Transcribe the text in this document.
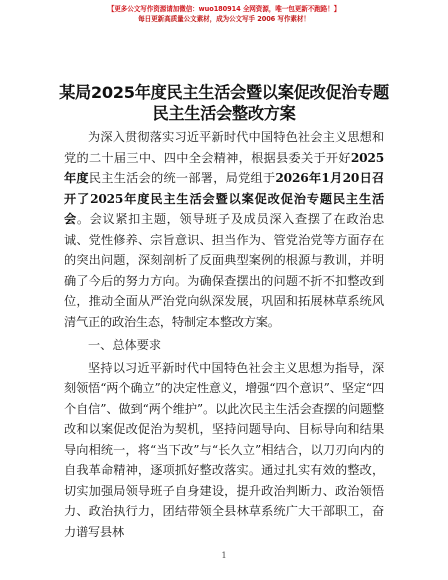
【更多公文写作资源请加微信：wuo180914 全网资源，唯一包更新不跑路！】
每日更新高质量公文素材，成为公文写手 2006 写作素材！
某局2025年度民主生活会暨以案促改促治专题
民主生活会整改方案

为深入贯彻落实习近平新时代中国特色社会主义思想和党的二十届三中、四中全会精神，根据县委关于开好2025年度民主生活会的统一部署，局党组于2026年1月20日召开了2025年度民主生活会暨以案促改促治专题民主生活会。会议紧扣主题，领导班子及成员深入查摆了在政治忠诚、党性修养、宗旨意识、担当作为、管党治党等方面存在的突出问题，深刻剖析了反面典型案例的根源与教训，并明确了今后的努力方向。为确保查摆出的问题不折不扣整改到位，推动全面从严治党向纵深发展，巩固和拓展林草系统风清气正的政治生态，特制定本整改方案。

一、总体要求

坚持以习近平新时代中国特色社会主义思想为指导，深刻领悟“两个确立”的决定性意义，增强“四个意识”、坚定“四个自信”、做到“两个维护”。以此次民主生活会查摆的问题整改和以案促改促治为契机，坚持问题导向、目标导向和结果导向相统一，将“当下改”与“长久立”相结合，以刀刃向内的自我革命精神，逐项抓好整改落实。通过扎实有效的整改，切实加强局领导班子自身建设，提升政治判断力、政治领悟力、政治执行力，团结带领全县林草系统广大干部职工，奋力谱写县林

1
